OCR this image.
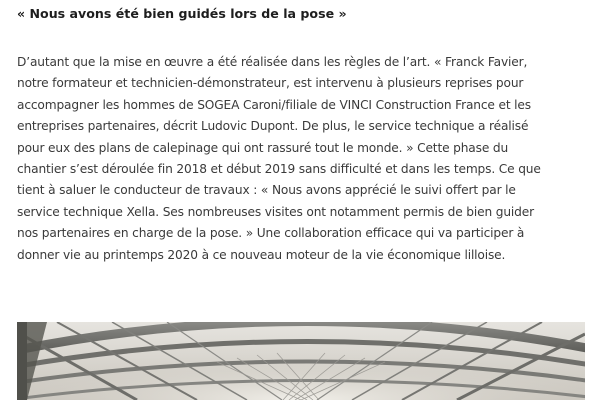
« Nous avons été bien guidés lors de la pose »

D’autant que la mise en œuvre a été réalisée dans les règles de l’art. « Franck Favier,
notre formateur et technicien-démonstrateur, est intervenu à plusieurs reprises pour
accompagner les hommes de SOGEA Caroni/filiale de VINCI Construction France et les
entreprises partenaires, décrit Ludovic Dupont. De plus, le service technique a réalisé
pour eux des plans de calepinage qui ont rassuré tout le monde. » Cette phase du
chantier s’est déroulée fin 2018 et début 2019 sans difficulté et dans les temps. Ce que
tient à saluer le conducteur de travaux : « Nous avons apprécié le suivi offert par le
service technique Xella. Ses nombreuses visites ont notamment permis de bien guider
nos partenaires en charge de la pose. » Une collaboration efficace qui va participer à
donner vie au printemps 2020 à ce nouveau moteur de la vie économique lilloise.
